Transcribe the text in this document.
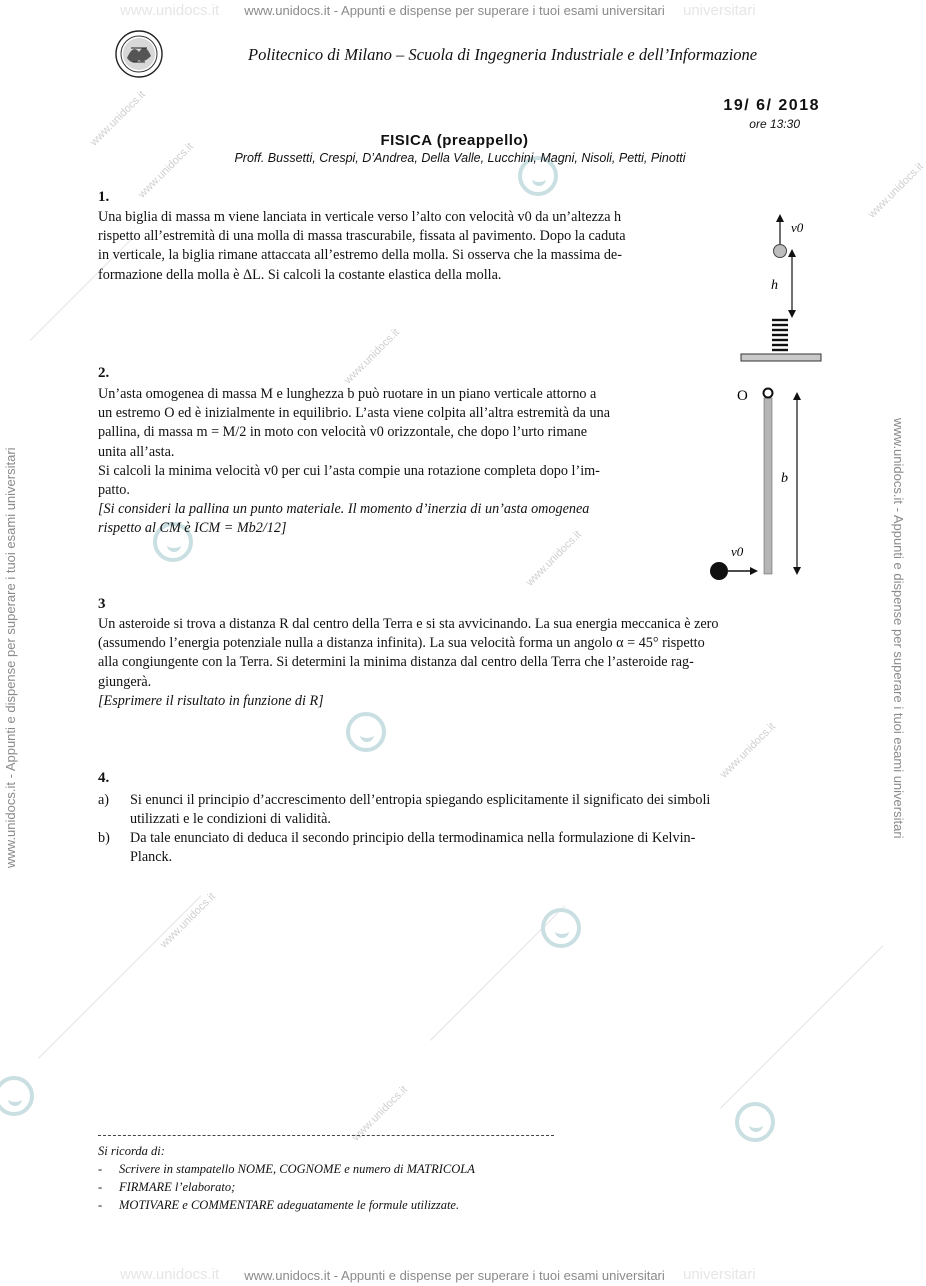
www.unidocs.it	universitari
www.unidocs.it - Appunti e dispense per superare i tuoi esami universitari
www.unidocs.it	universitari
www.unidocs.it - Appunti e dispense per superare i tuoi esami universitari
www.unidocs.it - Appunti e dispense per superare i tuoi esami universitari	www.unidocs.it - Appunti e dispense per superare i tuoi esami universitari
www.unidocs.it
www.unidocs.it
www.unidocs.it
www.unidocs.it
www.unidocs.it
www.unidocs.it
www.unidocs.it
www.unidocs.it
Politecnico di Milano – Scuola di Ingegneria Industriale e dell’Informazione
19/ 6/ 2018
ore 13:30
FISICA (preappello)
Proff. Bussetti, Crespi, D’Andrea, Della Valle, Lucchini, Magni, Nisoli, Petti, Pinotti
1.
Una biglia di massa m viene lanciata in verticale verso l’alto con velocità v0 da un’altezza h
rispetto all’estremità di una molla di massa trascurabile, fissata al pavimento. Dopo la caduta
in verticale, la biglia rimane attaccata all’estremo della molla. Si osserva che la massima de-
formazione della molla è ΔL. Si calcoli la costante elastica della molla.
v0
h
2.
Un’asta omogenea di massa M e lunghezza b può ruotare in un piano verticale attorno a
un estremo O ed è inizialmente in equilibrio. L’asta viene colpita all’altra estremità da una
pallina, di massa m = M/2 in moto con velocità v0 orizzontale, che dopo l’urto rimane
unita all’asta.
Si calcoli la minima velocità v0 per cui l’asta compie una rotazione completa dopo l’im-
patto.
[Si consideri la pallina un punto materiale. Il momento d’inerzia di un’asta omogenea
rispetto al CM è ICM = Mb2/12]
O
b
v0
3
Un asteroide si trova a distanza R dal centro della Terra e si sta avvicinando. La sua energia meccanica è zero
(assumendo l’energia potenziale nulla a distanza infinita). La sua velocità forma un angolo α = 45° rispetto
alla congiungente con la Terra. Si determini la minima distanza dal centro della Terra che l’asteroide rag-
giungerà.
[Esprimere il risultato in funzione di R]
4.
a) Si enunci il principio d’accrescimento dell’entropia spiegando esplicitamente il significato dei simboli
utilizzati e le condizioni di validità.
b) Da tale enunciato di deduca il secondo principio della termodinamica nella formulazione di Kelvin-
Planck.
Si ricorda di:
- Scrivere in stampatello NOME, COGNOME e numero di MATRICOLA
- FIRMARE l’elaborato;
- MOTIVARE e COMMENTARE adeguatamente le formule utilizzate.
